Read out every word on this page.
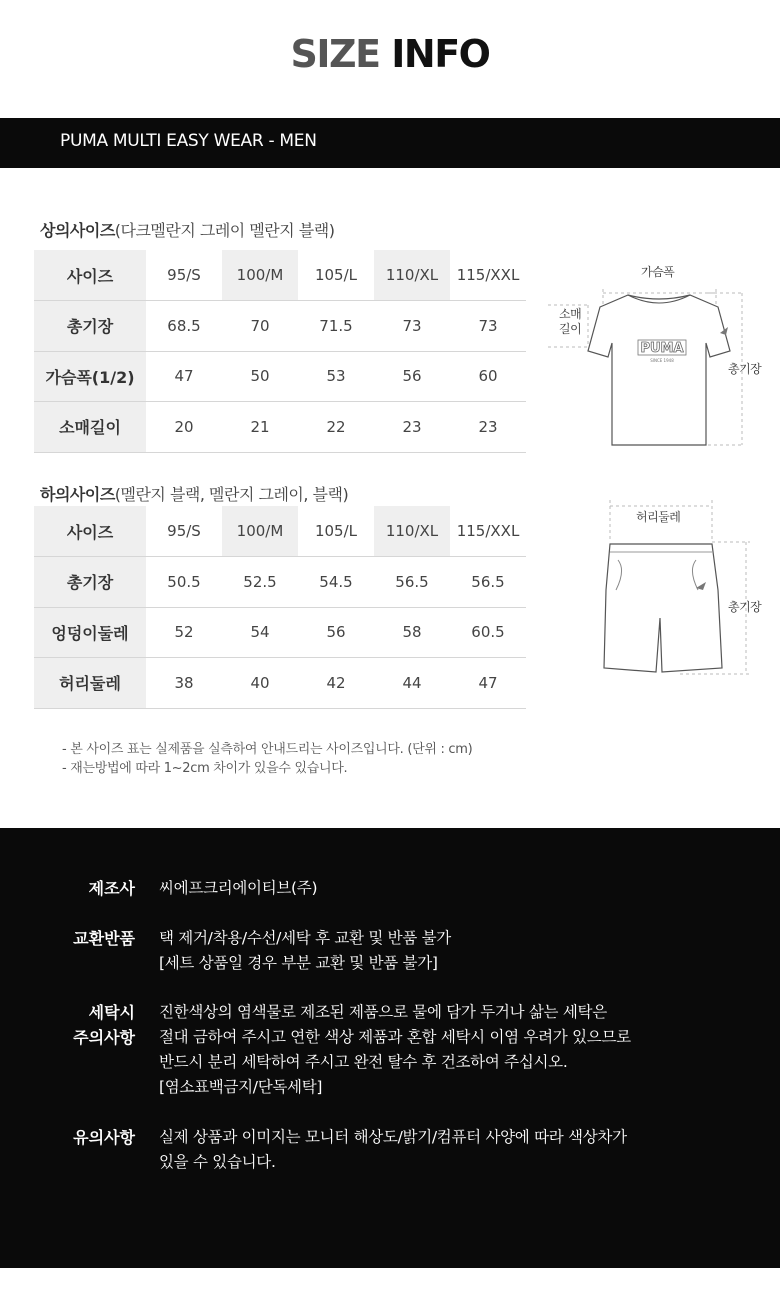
SIZE INFO
PUMA MULTI EASY WEAR - MEN
상의사이즈(다크멜란지 그레이 멜란지 블랙)
사이즈	95/S	100/M	105/L	110/XL	115/XXL
총기장	68.5	70	71.5	73	73
가슴폭(1/2)	47	50	53	56	60
소매길이	20	21	22	23	23
PUMA
SINCE 1948
가슴폭
소매
길이
총기장
하의사이즈(멜란지 블랙, 멜란지 그레이, 블랙)
사이즈	95/S	100/M	105/L	110/XL	115/XXL
총기장	50.5	52.5	54.5	56.5	56.5
엉덩이둘레	52	54	56	58	60.5
허리둘레	38	40	42	44	47
허리둘레
총기장
- 본 사이즈 표는 실제품을 실측하여 안내드리는 사이즈입니다. (단위 : cm)
- 재는방법에 따라 1~2cm 차이가 있을수 있습니다.
제조사 씨에프크리에이티브(주)
교환반품 택 제거/착용/수선/세탁 후 교환 및 반품 불가
[세트 상품일 경우 부분 교환 및 반품 불가]
세탁시
주의사항
진한색상의 염색물로 제조된 제품으로 물에 담가 두거나 삶는 세탁은
절대 금하여 주시고 연한 색상 제품과 혼합 세탁시 이염 우려가 있으므로
반드시 분리 세탁하여 주시고 완전 탈수 후 건조하여 주십시오.
[염소표백금지/단독세탁]
유의사항 실제 상품과 이미지는 모니터 해상도/밝기/컴퓨터 사양에 따라 색상차가
있을 수 있습니다.
